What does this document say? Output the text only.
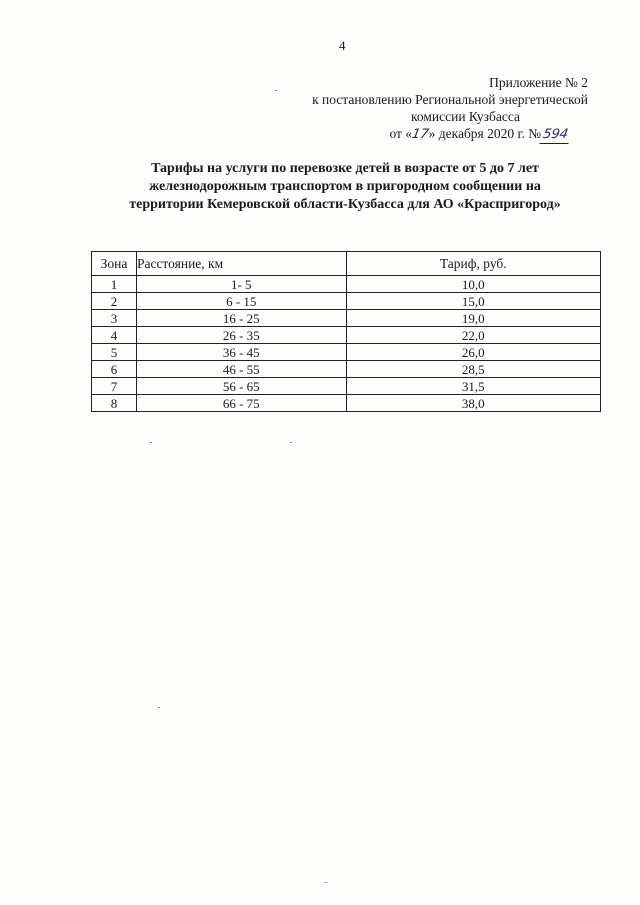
4
Приложение № 2
к постановлению Региональной энергетической
комиссии Кузбасса
от «17» декабря 2020 г. №594
Тарифы на услуги по перевозке детей в возрасте от 5 до 7 лет
железнодорожным транспортом в пригородном сообщении на
территории Кемеровской области-Кузбасса для АО «Краспригород»
Зона	Расстояние, км	Тариф, руб.
1	1- 5	10,0
2	6 - 15	15,0
3	16 - 25	19,0
4	26 - 35	22,0
5	36 - 45	26,0
6	46 - 55	28,5
7	56 - 65	31,5
8	66 - 75	38,0
